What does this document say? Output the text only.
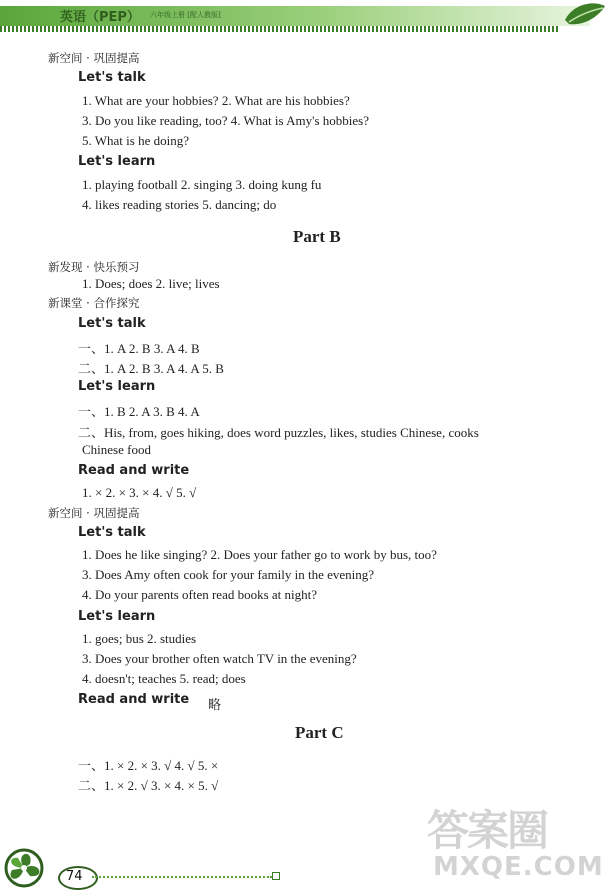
英语（PEP） 六年级上册 [配人教版]
新空间 · 巩固提高
Let's talk
1. What are your hobbies? 2. What are his hobbies?
3. Do you like reading, too? 4. What is Amy's hobbies?
5. What is he doing?
Let's learn
1. playing football 2. singing 3. doing kung fu
4. likes reading stories 5. dancing; do
Part B
新发现 · 快乐预习
1. Does; does 2. live; lives
新课堂 · 合作探究
Let's talk
一、1. A 2. B 3. A 4. B
二、1. A 2. B 3. A 4. A 5. B
Let's learn
一、1. B 2. A 3. B 4. A
二、His, from, goes hiking, does word puzzles, likes, studies Chinese, cooks
Chinese food
Read and write
1. × 2. × 3. × 4. √ 5. √
新空间 · 巩固提高
Let's talk
1. Does he like singing? 2. Does your father go to work by bus, too?
3. Does Amy often cook for your family in the evening?
4. Do your parents often read books at night?
Let's learn
1. goes; bus 2. studies
3. Does your brother often watch TV in the evening?
4. doesn't; teaches 5. read; does
Read and write 略
Part C
一、1. × 2. × 3. √ 4. √ 5. ×
二、1. × 2. √ 3. × 4. × 5. √
答案圈
MXQE.COM
74
